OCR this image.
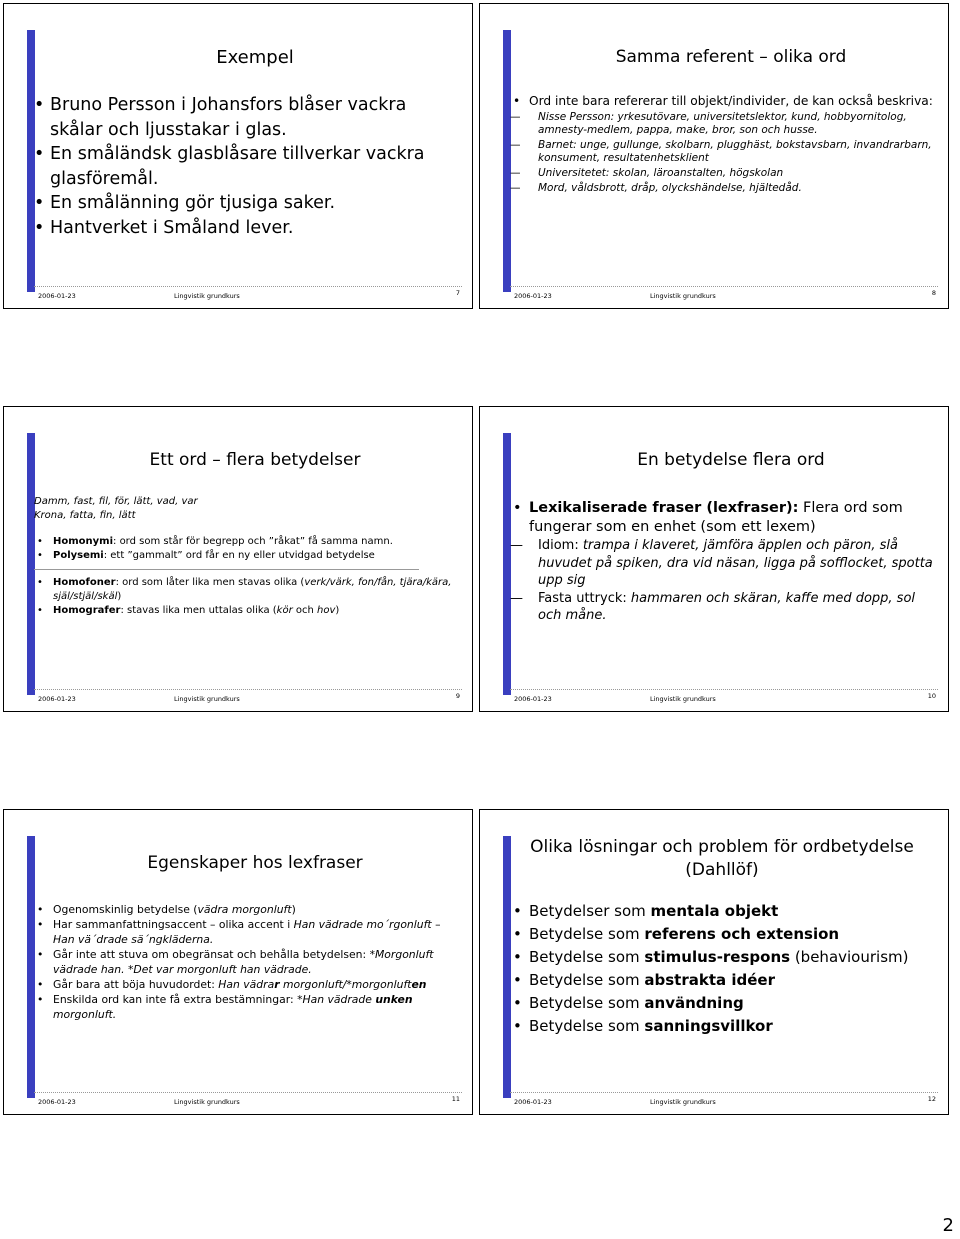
Exempel
• Bruno Persson i Johansfors blåser vackra skålar och ljusstakar i glas.
• En småländsk glasblåsare tillverkar vackra glasföremål.
• En smålänning gör tjusiga saker.
• Hantverket i Småland lever.
2006-01-23	Lingvistik grundkurs	7
Samma referent – olika ord
• Ord inte bara refererar till objekt/individer, de kan också beskriva:
— Nisse Persson: yrkesutövare, universitetslektor, kund, hobbyornitolog, amnesty-medlem, pappa, make, bror, son och husse.
— Barnet: unge, gullunge, skolbarn, plugghäst, bokstavsbarn, invandrarbarn, konsument, resultatenhetsklient
— Universitetet: skolan, läroanstalten, högskolan
— Mord, våldsbrott, dråp, olyckshändelse, hjältedåd.
2006-01-23	Lingvistik grundkurs	8
Ett ord – flera betydelser
Damm, fast, fil, för, lätt, vad, var
Krona, fatta, fin, lätt
• Homonymi: ord som står för begrepp och ”råkat” få samma namn.
• Polysemi: ett ”gammalt” ord får en ny eller utvidgad betydelse
• Homofoner: ord som låter lika men stavas olika (verk/värk, fon/fån, tjära/kära, själ/stjäl/skäl)
• Homografer: stavas lika men uttalas olika (kör och hov)
2006-01-23	Lingvistik grundkurs	9
En betydelse flera ord
• Lexikaliserade fraser (lexfraser): Flera ord som fungerar som en enhet (som ett lexem)
— Idiom: trampa i klaveret, jämföra äpplen och päron, slå huvudet på spiken, dra vid näsan, ligga på sofflocket, spotta upp sig
— Fasta uttryck: hammaren och skäran, kaffe med dopp, sol och måne.
2006-01-23	Lingvistik grundkurs	10
Egenskaper hos lexfraser
• Ogenomskinlig betydelse (vädra morgonluft)
• Har sammanfattningsaccent – olika accent i Han vädrade mo´rgonluft – Han vä´drade sä´ngkläderna.
• Går inte att stuva om obegränsat och behålla betydelsen: *Morgonluft vädrade han. *Det var morgonluft han vädrade.
• Går bara att böja huvudordet: Han vädrar morgonluft/*morgonluften
• Enskilda ord kan inte få extra bestämningar: *Han vädrade unken morgonluft.
2006-01-23	Lingvistik grundkurs	11
Olika lösningar och problem för ordbetydelse (Dahllöf)
• Betydelser som mentala objekt
• Betydelse som referens och extension
• Betydelse som stimulus-respons (behaviourism)
• Betydelse som abstrakta idéer
• Betydelse som användning
• Betydelse som sanningsvillkor
2006-01-23	Lingvistik grundkurs	12
2
